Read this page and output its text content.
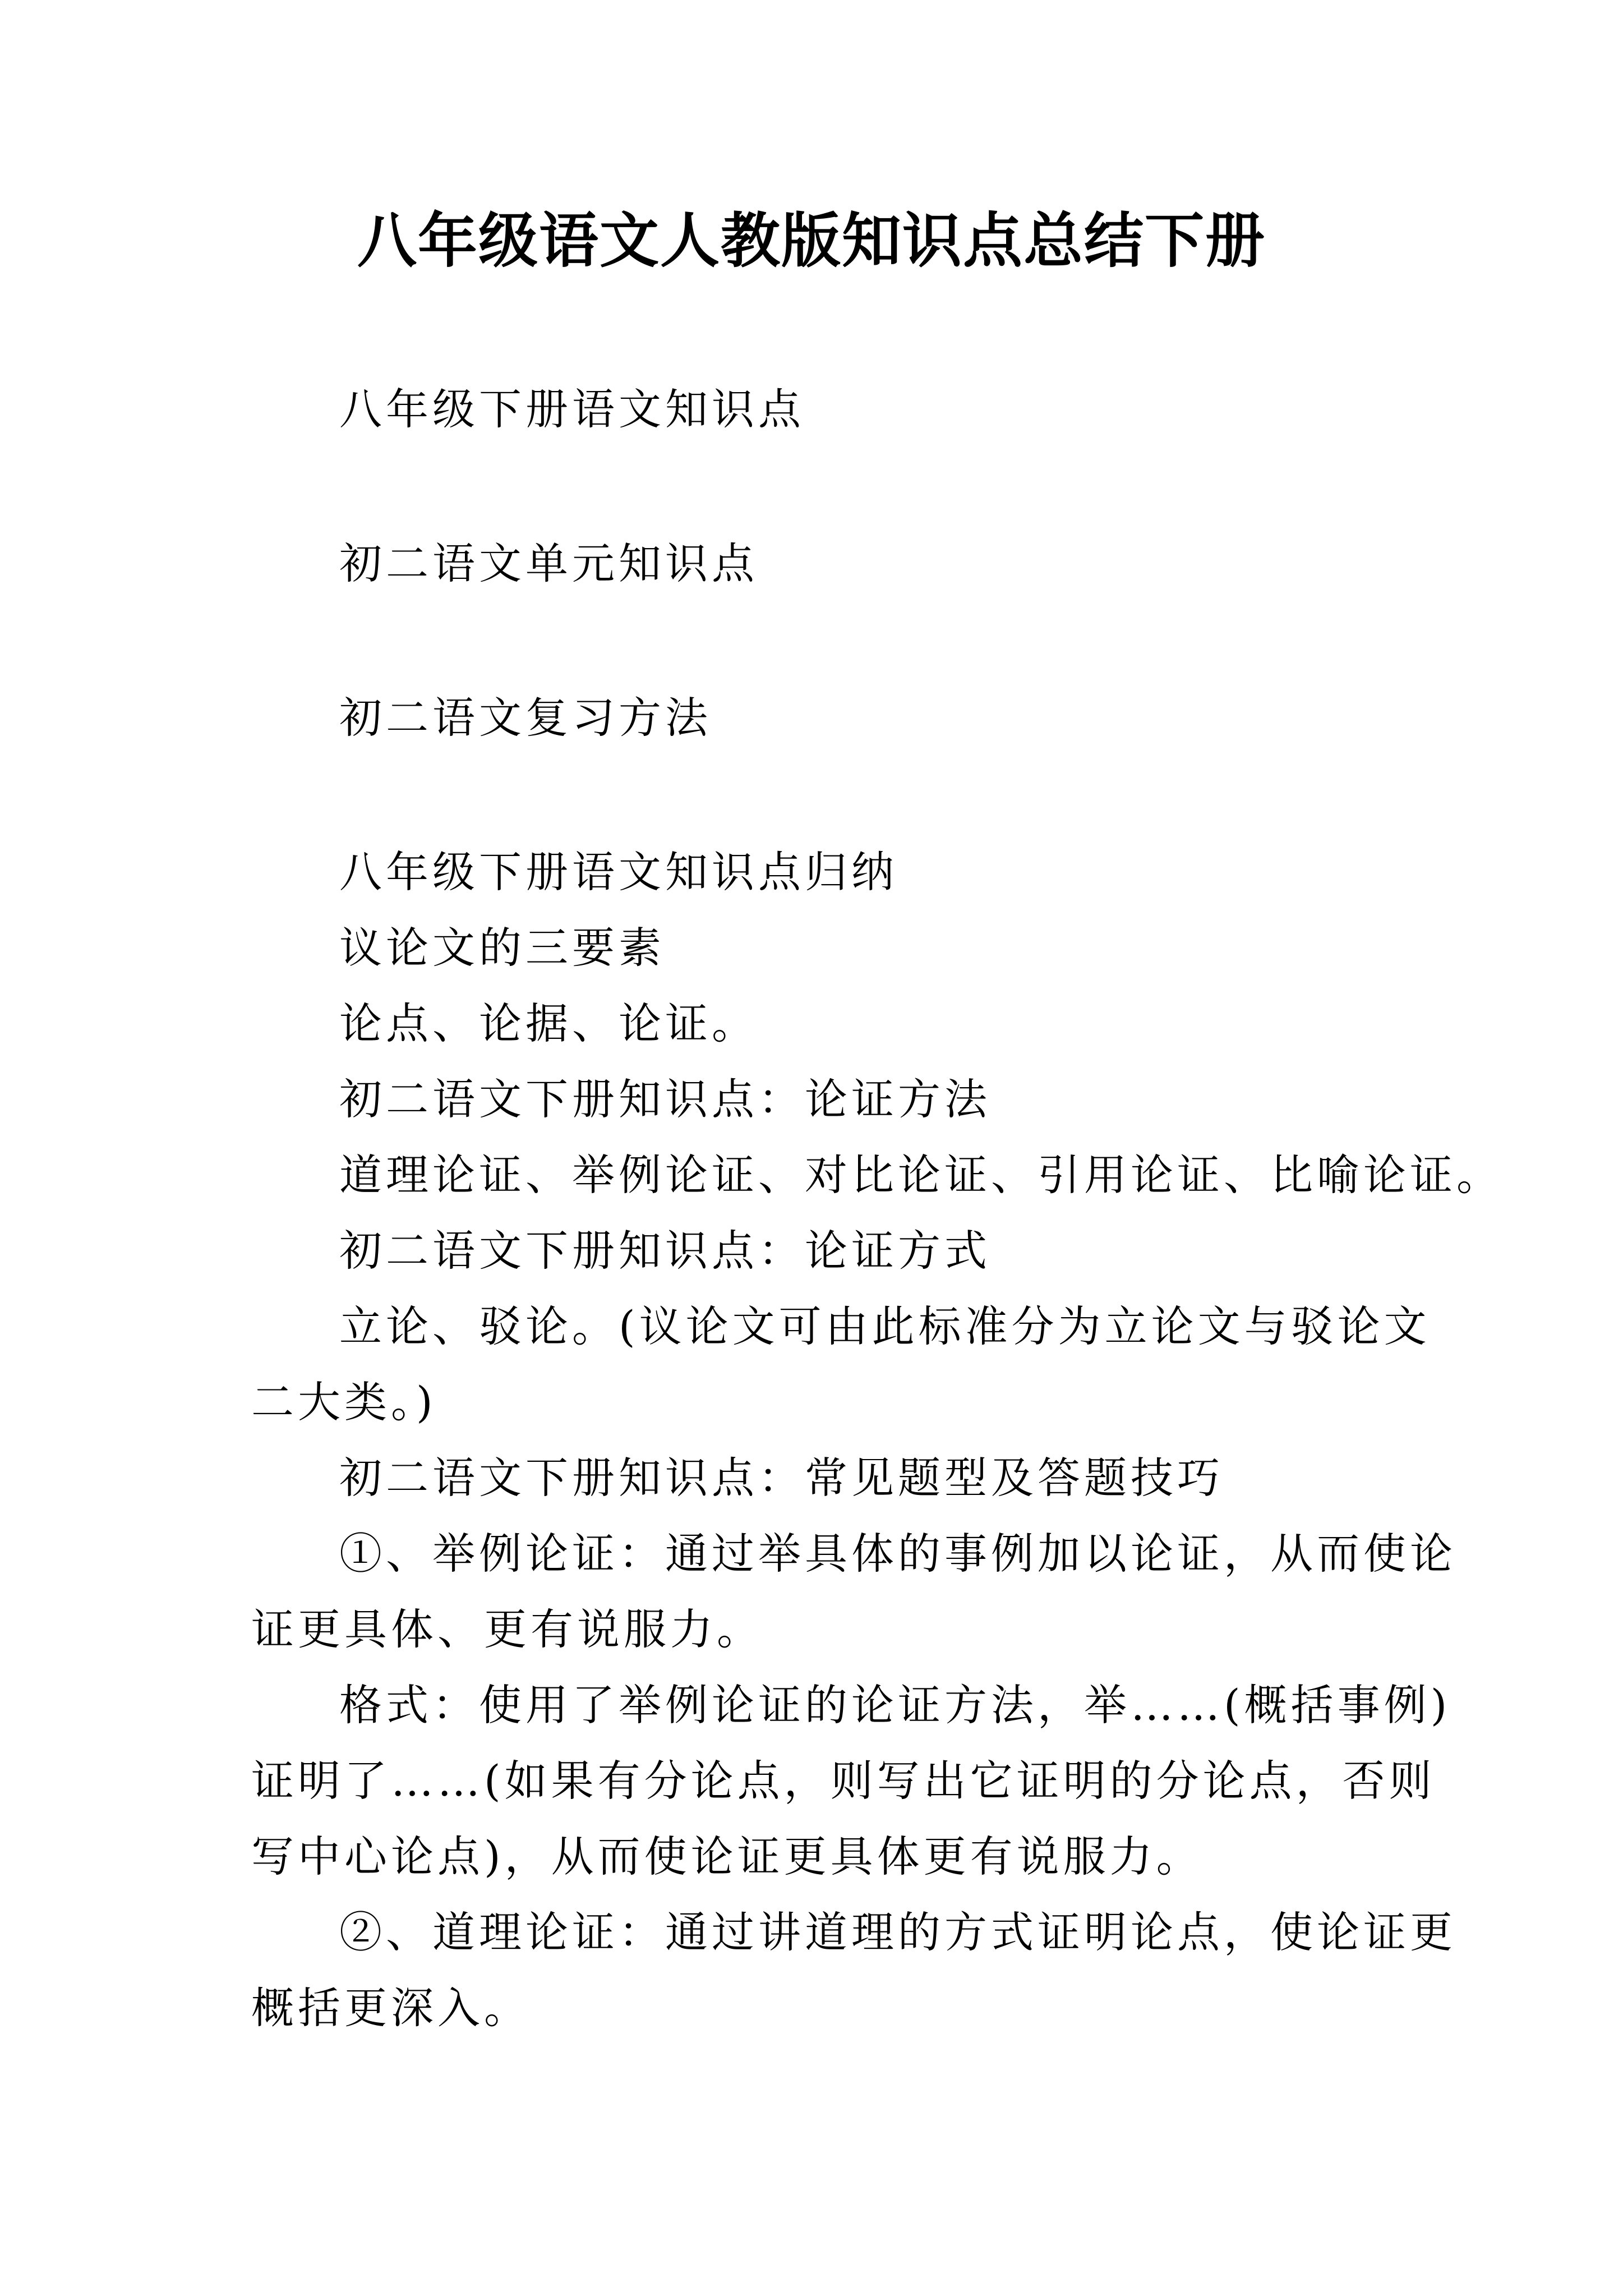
八年级语文人教版知识点总结下册
八年级下册语文知识点
初二语文单元知识点
初二语文复习方法
八年级下册语文知识点归纳
议论文的三要素
论点、论据、论证。
初二语文下册知识点：论证方法
道理论证、举例论证、对比论证、引用论证、比喻论证。
初二语文下册知识点：论证方式
立论、驳论。(议论文可由此标准分为立论文与驳论文
二大类。)
初二语文下册知识点：常见题型及答题技巧
①、举例论证：通过举具体的事例加以论证，从而使论
证更具体、更有说服力。
格式：使用了举例论证的论证方法，举……(概括事例)
证明了……(如果有分论点，则写出它证明的分论点，否则
写中心论点)，从而使论证更具体更有说服力。
②、道理论证：通过讲道理的方式证明论点，使论证更
概括更深入。
